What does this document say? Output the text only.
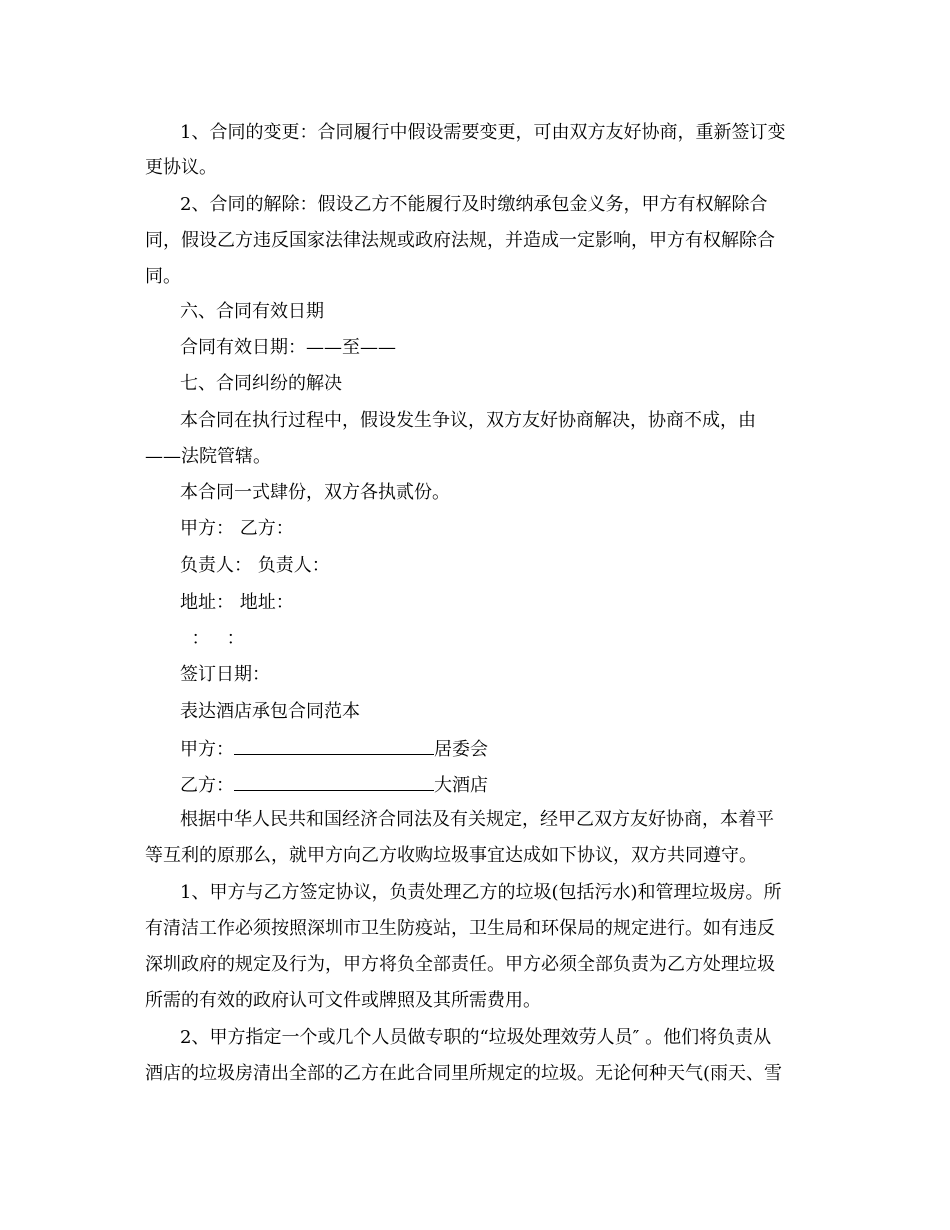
1、合同的变更：合同履行中假设需要变更，可由双方友好协商，重新签订变
更协议。
2、合同的解除：假设乙方不能履行及时缴纳承包金义务，甲方有权解除合
同，假设乙方违反国家法律法规或政府法规，并造成一定影响，甲方有权解除合
同。
六、合同有效日期
合同有效日期：——至——
七、合同纠纷的解决
本合同在执行过程中，假设发生争议，双方友好协商解决，协商不成，由
——法院管辖。
本合同一式肆份，双方各执贰份。
甲方： 乙方：
负责人： 负责人：
地址： 地址：
：   ：
签订日期：
表达酒店承包合同范本
甲方：	居委会
乙方：	大酒店
根据中华人民共和国经济合同法及有关规定，经甲乙双方友好协商，本着平
等互利的原那么，就甲方向乙方收购垃圾事宜达成如下协议，双方共同遵守。
1、甲方与乙方签定协议，负责处理乙方的垃圾(包括污水)和管理垃圾房。所
有清洁工作必须按照深圳市卫生防疫站，卫生局和环保局的规定进行。如有违反
深圳政府的规定及行为，甲方将负全部责任。甲方必须全部负责为乙方处理垃圾
所需的有效的政府认可文件或牌照及其所需费用。
2、甲方指定一个或几个人员做专职的“垃圾处理效劳人员″ 。他们将负责从
酒店的垃圾房清出全部的乙方在此合同里所规定的垃圾。无论何种天气(雨天、雪
